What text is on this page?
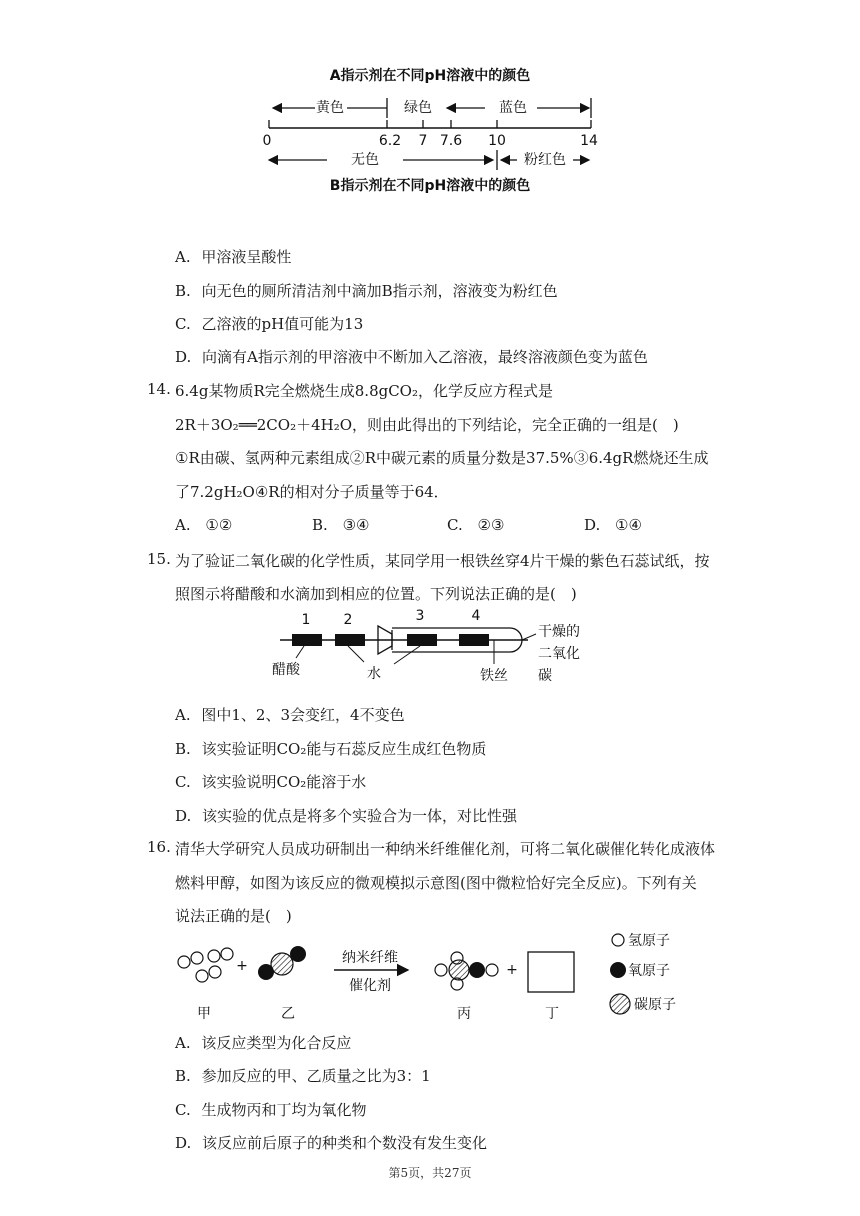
A指示剂在不同pH溶液中的颜色
黄色	绿色	蓝色
0	6.2 7 7.6 10	14
无色	粉红色
B指示剂在不同pH溶液中的颜色
A. 甲溶液呈酸性
B. 向无色的厕所清洁剂中滴加B指示剂，溶液变为粉红色
C. 乙溶液的pH值可能为13
D. 向滴有A指示剂的甲溶液中不断加入乙溶液，最终溶液颜色变为蓝色
14. 6.4g某物质R完全燃烧生成8.8gCO₂，化学反应方程式是
2R＋3O₂══2CO₂＋4H₂O，则由此得出的下列结论，完全正确的一组是(　)
①R由碳、氢两种元素组成②R中碳元素的质量分数是37.5%③6.4gR燃烧还生成
了7.2gH₂O④R的相对分子质量等于64．
A. ①②	B. ③④	C. ②③	D. ①④
15. 为了验证二氧化碳的化学性质，某同学用一根铁丝穿4片干燥的紫色石蕊试纸，按
照图示将醋酸和水滴加到相应的位置。下列说法正确的是(　)
1 2	3	4
醋酸	水	铁丝
干燥的
二氧化
碳
A. 图中1、2、3会变红，4不变色
B. 该实验证明CO₂能与石蕊反应生成红色物质
C. 该实验说明CO₂能溶于水
D. 该实验的优点是将多个实验合为一体，对比性强
16. 清华大学研究人员成功研制出一种纳米纤维催化剂，可将二氧化碳催化转化成液体
燃料甲醇，如图为该反应的微观模拟示意图(图中微粒恰好完全反应)。下列有关
说法正确的是(　)
+	纳米纤维
催化剂
+
甲	乙	丙	丁
氢原子
氧原子
碳原子
A. 该反应类型为化合反应
B. 参加反应的甲、乙质量之比为3：1
C. 生成物丙和丁均为氧化物
D. 该反应前后原子的种类和个数没有发生变化
第5页，共27页
